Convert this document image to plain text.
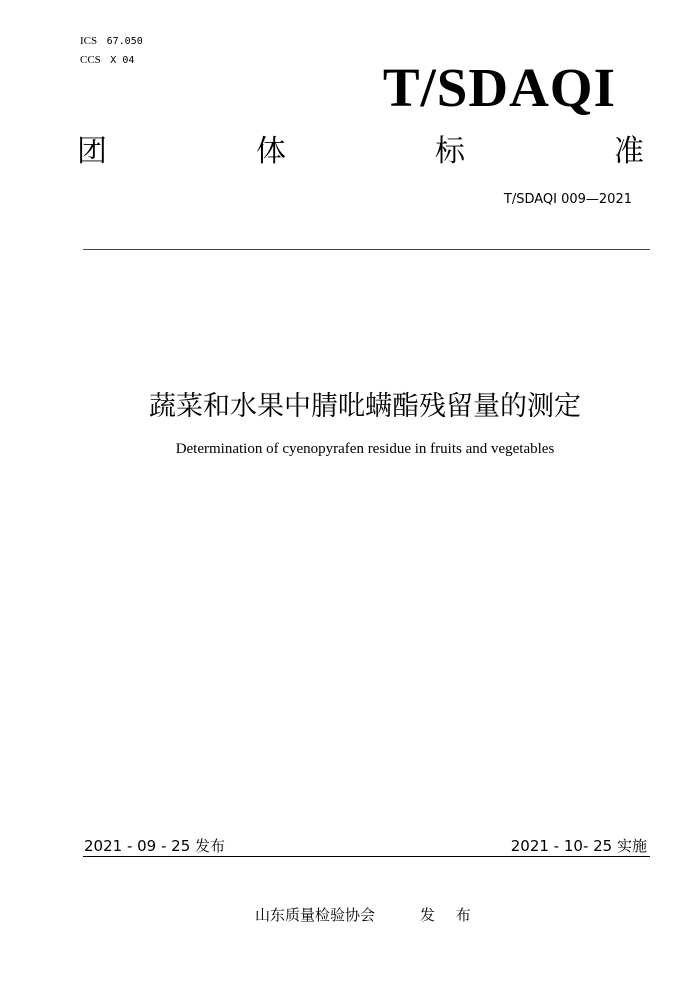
ICS 67.050
CCS X 04	T/SDAQI
团	体	标	准
T/SDAQI 009—2021
蔬菜和水果中腈吡螨酯残留量的测定
Determination of cyenopyrafen residue in fruits and vegetables
2021 - 09 - 25 发布	2021 - 10- 25 实施
山东质量检验协会	发 布
